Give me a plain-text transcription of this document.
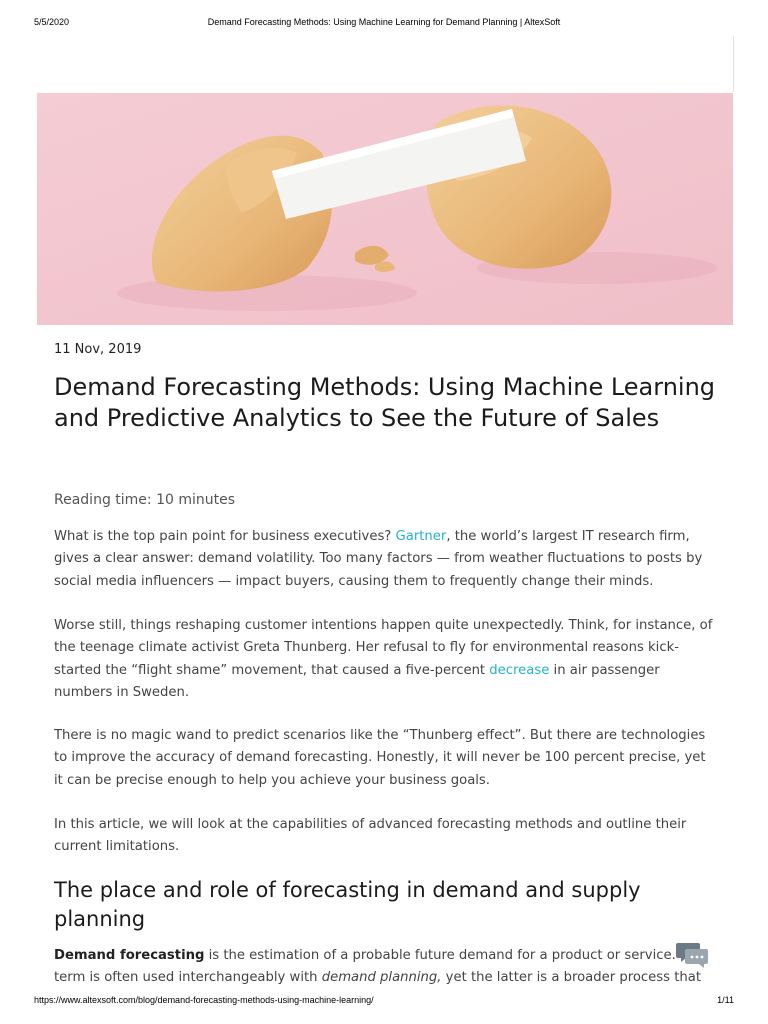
5/5/2020	Demand Forecasting Methods: Using Machine Learning for Demand Planning | AltexSoft
11 Nov, 2019
Demand Forecasting Methods: Using Machine Learning and Predictive Analytics to See the Future of Sales
Reading time: 10 minutes

What is the top pain point for business executives? Gartner, the world’s largest IT research firm, gives a clear answer: demand volatility. Too many factors — from weather fluctuations to posts by social media influencers — impact buyers, causing them to frequently change their minds.

Worse still, things reshaping customer intentions happen quite unexpectedly. Think, for instance, of the teenage climate activist Greta Thunberg. Her refusal to fly for environmental reasons kick-started the “flight shame” movement, that caused a five-percent decrease in air passenger numbers in Sweden.

There is no magic wand to predict scenarios like the “Thunberg effect”. But there are technologies to improve the accuracy of demand forecasting. Honestly, it will never be 100 percent precise, yet it can be precise enough to help you achieve your business goals.

In this article, we will look at the capabilities of advanced forecasting methods and outline their current limitations.

The place and role of forecasting in demand and supply planning

Demand forecasting is the estimation of a probable future demand for a product or service.
term is often used interchangeably with demand planning, yet the latter is a broader process that

https://www.altexsoft.com/blog/demand-forecasting-methods-using-machine-learning/	1/11
